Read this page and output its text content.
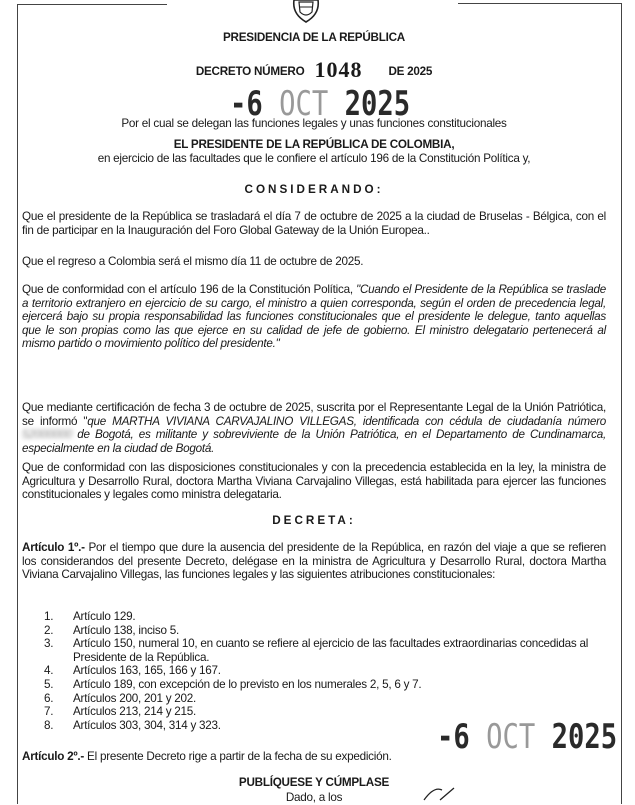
PRESIDENCIA DE LA REPÚBLICA
DECRETO NÚMERO 1048 DE 2025
-6 OCT 2025
Por el cual se delegan las funciones legales y unas funciones constitucionales
EL PRESIDENTE DE LA REPÚBLICA DE COLOMBIA,
en ejercicio de las facultades que le confiere el artículo 196 de la Constitución Política y,
CONSIDERANDO:
Que el presidente de la República se trasladará el día 7 de octubre de 2025 a la ciudad de Bruselas - Bélgica, con el fin de participar en la Inauguración del Foro Global Gateway de la Unión Europea..
Que el regreso a Colombia será el mismo día 11 de octubre de 2025.
Que de conformidad con el artículo 196 de la Constitución Política, "Cuando el Presidente de la República se traslade a territorio extranjero en ejercicio de su cargo, el ministro a quien corresponda, según el orden de precedencia legal, ejercerá bajo su propia responsabilidad las funciones constitucionales que el presidente le delegue, tanto aquellas que le son propias como las que ejerce en su calidad de jefe de gobierno. El ministro delegatario pertenecerá al mismo partido o movimiento político del presidente."
Que mediante certificación de fecha 3 de octubre de 2025, suscrita por el Representante Legal de la Unión Patriótica, se informó "que MARTHA VIVIANA CARVAJALINO VILLEGAS, identificada con cédula de ciudadanía número 52000000 de Bogotá, es militante y sobreviviente de la Unión Patriótica, en el Departamento de Cundinamarca, especialmente en la ciudad de Bogotá.
Que de conformidad con las disposiciones constitucionales y con la precedencia establecida en la ley, la ministra de Agricultura y Desarrollo Rural, doctora Martha Viviana Carvajalino Villegas, está habilitada para ejercer las funciones constitucionales y legales como ministra delegataria.
DECRETA:
Artículo 1º.- Por el tiempo que dure la ausencia del presidente de la República, en razón del viaje a que se refieren los considerandos del presente Decreto, delégase en la ministra de Agricultura y Desarrollo Rural, doctora Martha Viviana Carvajalino Villegas, las funciones legales y las siguientes atribuciones constitucionales:
1.	Artículo 129.
2.	Artículo 138, inciso 5.
3.	Artículo 150, numeral 10, en cuanto se refiere al ejercicio de las facultades extraordinarias concedidas al Presidente de la República.
4.	Artículos 163, 165, 166 y 167.
5.	Artículo 189, con excepción de lo previsto en los numerales 2, 5, 6 y 7.
6.	Artículos 200, 201 y 202.
7.	Artículos 213, 214 y 215.
8.	Artículos 303, 304, 314 y 323.	-6 OCT 2025
Artículo 2º.- El presente Decreto rige a partir de la fecha de su expedición.
PUBLÍQUESE Y CÚMPLASE
Dado, a los
